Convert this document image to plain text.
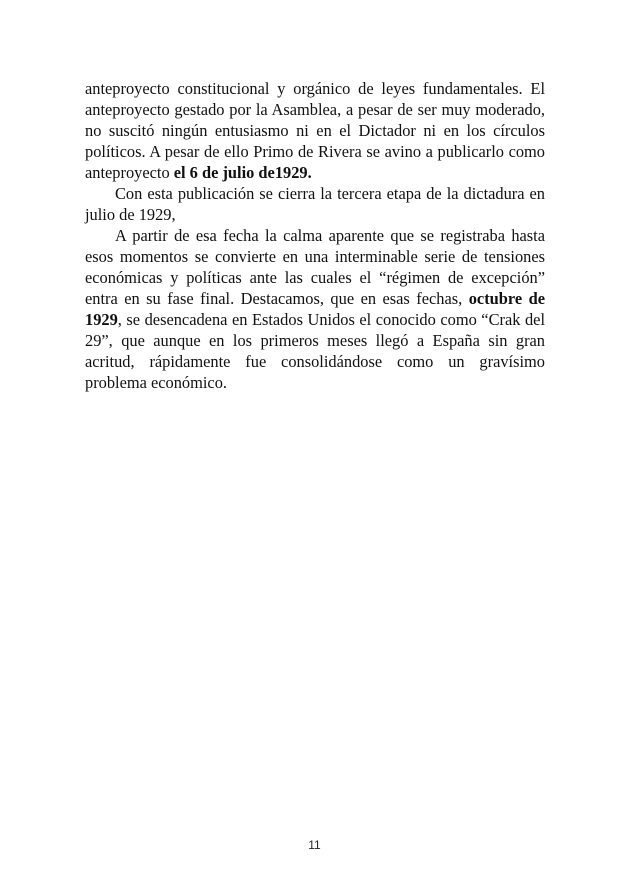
anteproyecto constitucional y orgánico de leyes fundamentales. El anteproyecto gestado por la Asamblea, a pesar de ser muy moderado, no suscitó ningún entusiasmo ni en el Dictador ni en los círculos políticos. A pesar de ello Primo de Rivera se avino a publicarlo como anteproyecto el 6 de julio de1929.

Con esta publicación se cierra la tercera etapa de la dictadura en julio de 1929,

A partir de esa fecha la calma aparente que se registraba hasta esos momentos se convierte en una interminable serie de tensiones económicas y políticas ante las cuales el “régimen de excepción” entra en su fase final. Destacamos, que en esas fechas, octubre de 1929, se desencadena en Estados Unidos el conocido como “Crak del 29”, que aunque en los primeros meses llegó a España sin gran acritud, rápidamente fue consolidándose como un gravísimo problema económico.

11
